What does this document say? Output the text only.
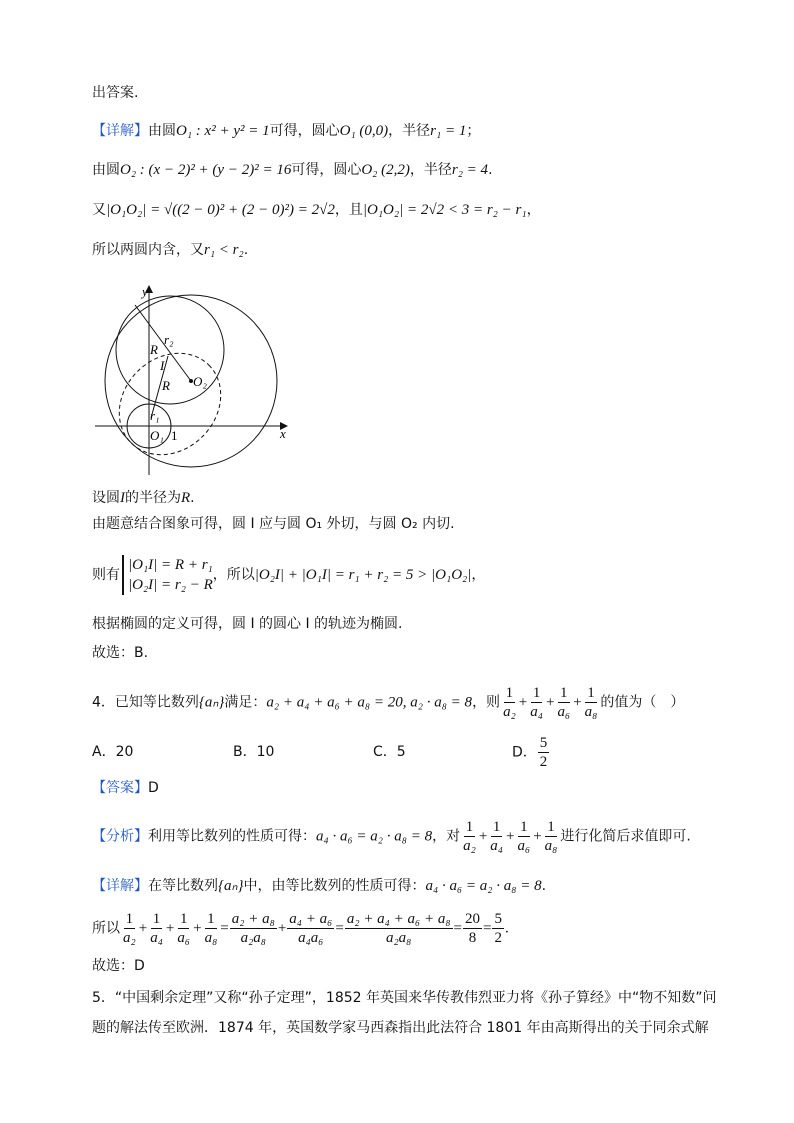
出答案.
【详解】由圆O₁ : x² + y² = 1可得，圆心O₁ (0,0)，半径r₁ = 1；
由圆O₂ : (x − 2)² + (y − 2)² = 16可得，圆心O₂ (2,2)，半径r₂ = 4.
又|O₁O₂| = √((2 − 0)² + (2 − 0)²) = 2√2，且|O₁O₂| = 2√2 < 3 = r₂ − r₁，
所以两圆内含，又r₁ < r₂.
y
x
R
r₂
I
R O₂
r₁
O₁ 1
设圆I的半径为R.
由题意结合图象可得，圆 I 应与圆 O₁ 外切，与圆 O₂ 内切.
则有
|O₁I| = R + r₁
|O₂I| = r₂ − R
，所以|O₂I| + |O₁I| = r₁ + r₂ = 5 > |O₁O₂|，
根据椭圆的定义可得，圆 I 的圆心 I 的轨迹为椭圆.
故选：B.
4．已知等比数列{aₙ}满足：a₂ + a₄ + a₆ + a₈ = 20, a₂ · a₈ = 8，则 $\frac{1}{\text{a₂}} + \frac{1}{\text{a₄}} + \frac{1}{\text{a₆}} + \frac{1}{\text{a₈}}$ 的值为（　）
A．20	B．10	C．5	D． $\frac{5}{2}$
【答案】D
【分析】利用等比数列的性质可得：a₄ · a₆ = a₂ · a₈ = 8，对 $\frac{1}{\text{a₂}} + \frac{1}{\text{a₄}} + \frac{1}{\text{a₆}} + \frac{1}{\text{a₈}}$ 进行化简后求值即可.
【详解】在等比数列{aₙ}中，由等比数列的性质可得：a₄ · a₆ = a₂ · a₈ = 8.
所以 $\frac{1}{\text{a₂}} + \frac{1}{\text{a₄}} + \frac{1}{\text{a₆}} + \frac{1}{\text{a₈}} = \frac{\text{a₂ + a₈}}{\text{a₂a₈}} + \frac{\text{a₄ + a₆}}{\text{a₄a₆}} = \frac{\text{a₂ + a₄ + a₆ + a₈}}{\text{a₂a₈}} = \frac{20}{8} = \frac{5}{2}$ .
故选：D
5．“中国剩余定理”又称“孙子定理”，1852 年英国来华传教伟烈亚力将《孙子算经》中“物不知数”问
题的解法传至欧洲．1874 年，英国数学家马西森指出此法符合 1801 年由高斯得出的关于同余式解
